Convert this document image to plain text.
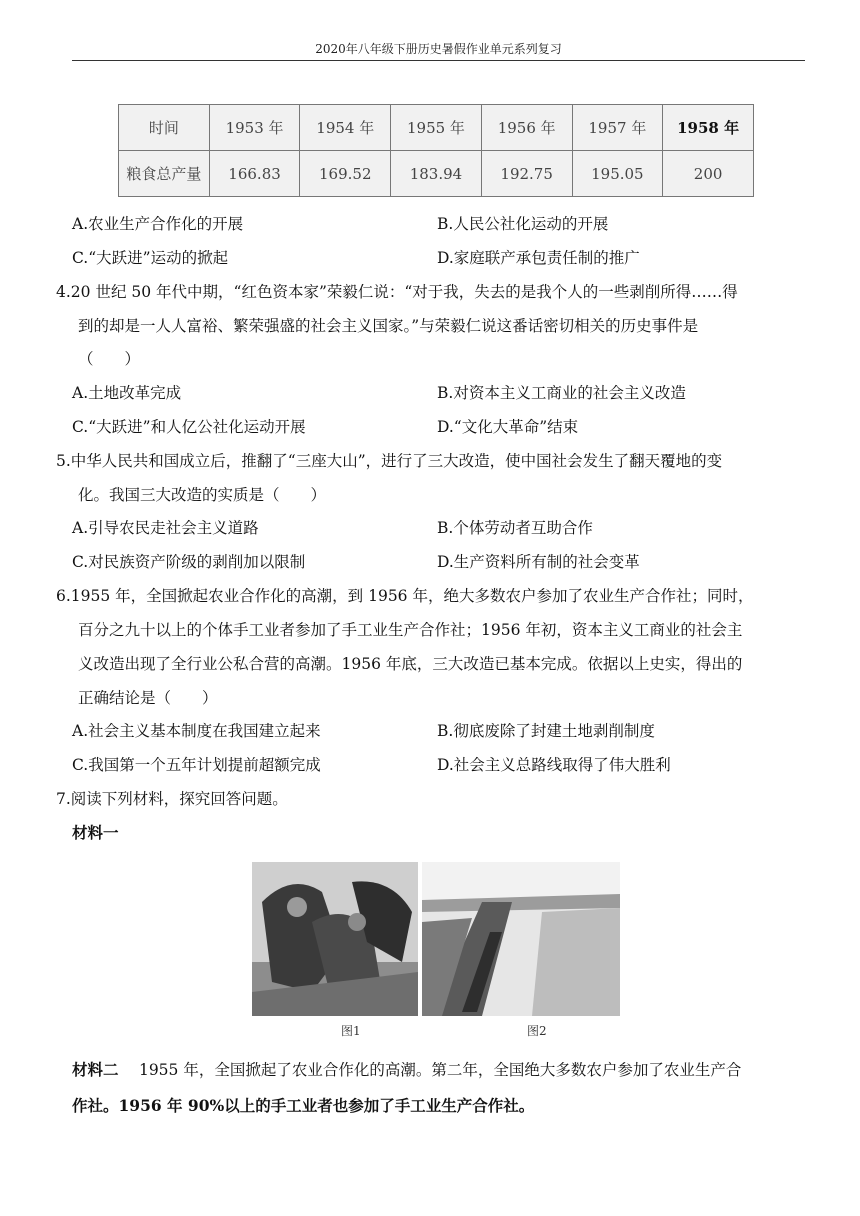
2020年八年级下册历史暑假作业单元系列复习
时间	1953 年	1954 年	1955 年	1956 年	1957 年	1958 年
粮食总产量	166.83	169.52	183.94	192.75	195.05	200
A.农业生产合作化的开展	B.人民公社化运动的开展
C.“大跃进”运动的掀起	D.家庭联产承包责任制的推广
4.20 世纪 50 年代中期，“红色资本家”荣毅仁说：“对于我，失去的是我个人的一些剥削所得……得
到的却是一人人富裕、繁荣强盛的社会主义国家。”与荣毅仁说这番话密切相关的历史事件是
（　　）
A.土地改革完成	B.对资本主义工商业的社会主义改造
C.“大跃进”和人亿公社化运动开展	D.“文化大革命”结束
5.中华人民共和国成立后，推翻了“三座大山”，进行了三大改造，使中国社会发生了翻天覆地的变
化。我国三大改造的实质是（　　）
A.引导农民走社会主义道路	B.个体劳动者互助合作
C.对民族资产阶级的剥削加以限制	D.生产资料所有制的社会变革
6.1955 年，全国掀起农业合作化的高潮，到 1956 年，绝大多数农户参加了农业生产合作社；同时，
百分之九十以上的个体手工业者参加了手工业生产合作社；1956 年初，资本主义工商业的社会主
义改造出现了全行业公私合营的高潮。1956 年底，三大改造已基本完成。依据以上史实，得出的
正确结论是（　　）
A.社会主义基本制度在我国建立起来	B.彻底废除了封建土地剥削制度
C.我国第一个五年计划提前超额完成	D.社会主义总路线取得了伟大胜利
7.阅读下列材料，探究回答问题。
材料一
图1	图2
材料二　 1955 年，全国掀起了农业合作化的高潮。第二年，全国绝大多数农户参加了农业生产合
作社。1956 年 90%以上的手工业者也参加了手工业生产合作社。
